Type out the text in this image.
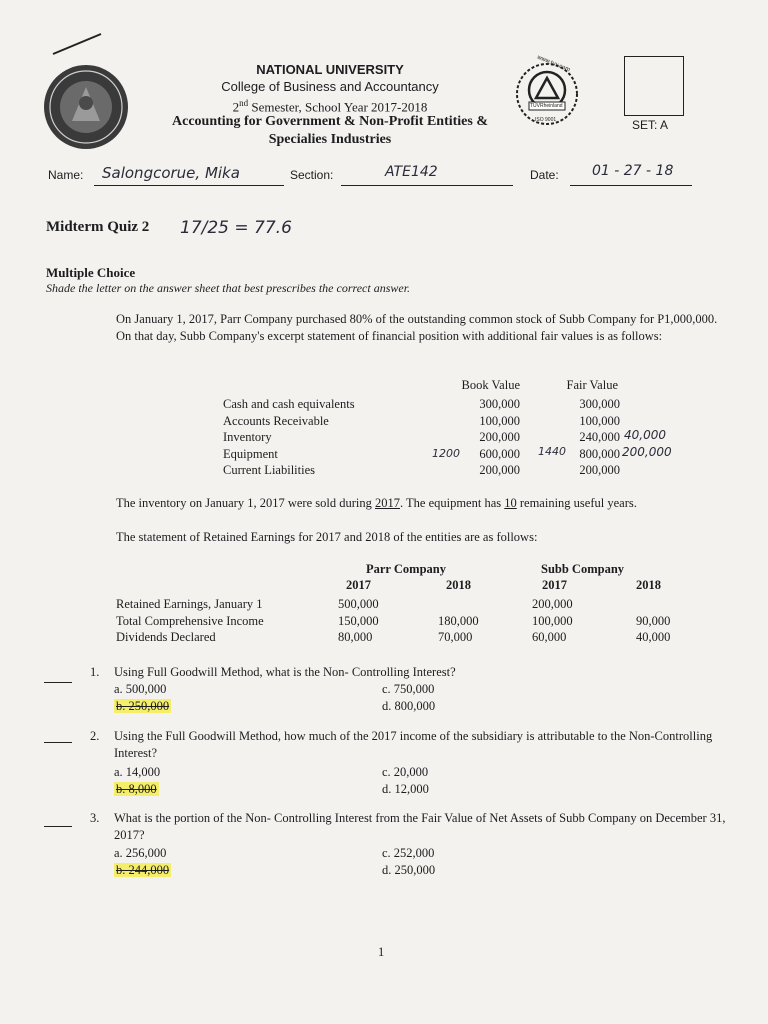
NATIONAL UNIVERSITY
College of Business and Accountancy
2nd Semester, School Year 2017-2018
Accounting for Government & Non-Profit Entities &
Specialies Industries
www.tuv.com
TÜVRheinland
ISO 9001	SET: A
Name: Salongcorue, Mika	Section:	ATE142	Date: 01 - 27 - 18
Midterm Quiz 2 17/25 = 77.6
Multiple Choice
Shade the letter on the answer sheet that best prescribes the correct answer.
On January 1, 2017, Parr Company purchased 80% of the outstanding common stock of Subb Company for P1,000,000. On that day, Subb Company's excerpt statement of financial position with additional fair values is as follows:
Book Value	Fair Value
Cash and cash equivalents	300,000	300,000
Accounts Receivable	100,000	100,000
Inventory	200,000	240,000
Equipment	600,000	800,000
Current Liabilities	200,000	200,000
40,000
1200	1440	200,000
The inventory on January 1, 2017 were sold during 2017. The equipment has 10 remaining useful years.
The statement of Retained Earnings for 2017 and 2018 of the entities are as follows:
Parr Company	Subb Company
2017	2018	2017	2018
Retained Earnings, January 1	500,000		200,000	
Total Comprehensive Income	150,000	180,000	100,000	90,000
Dividends Declared	80,000	70,000	60,000	40,000
1. Using Full Goodwill Method, what is the Non- Controlling Interest?
a. 500,000
b. 250,000
c. 750,000
d. 800,000
2. Using the Full Goodwill Method, how much of the 2017 income of the subsidiary is attributable to the Non-Controlling Interest?
a. 14,000
b. 8,000
c. 20,000
d. 12,000
3. What is the portion of the Non- Controlling Interest from the Fair Value of Net Assets of Subb Company on December 31, 2017?
a. 256,000
b. 244,000
c. 252,000
d. 250,000
1
